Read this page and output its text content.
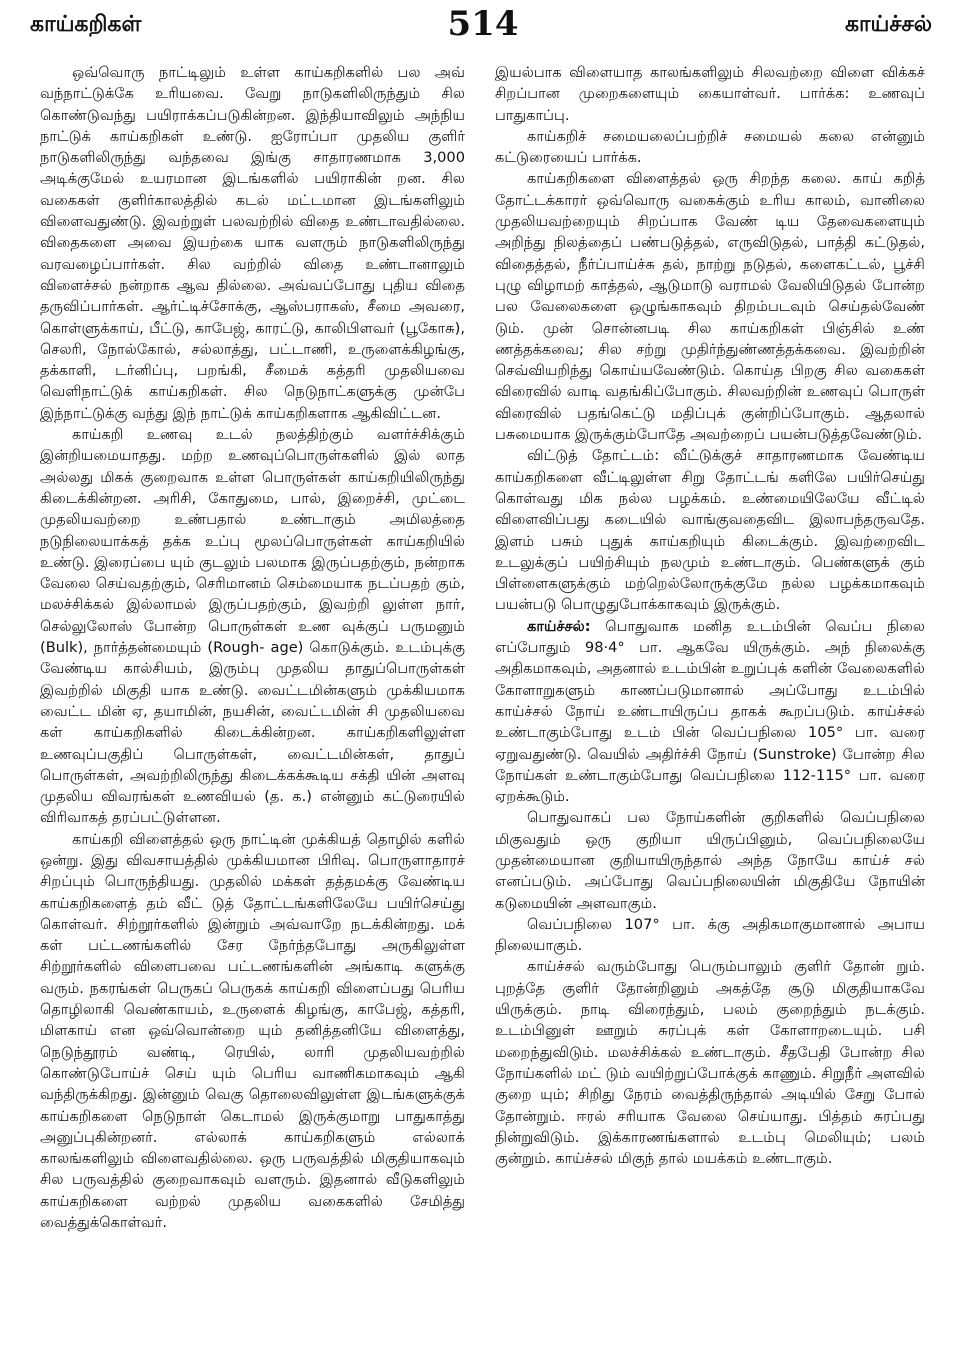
காய்கறிகள்	514	காய்ச்சல்

ஒவ்வொரு நாட்டிலும் உள்ள காய்கறிகளில் பல அவ் வந்நாட்டுக்கே உரியவை. வேறு நாடுகளிலிருந்தும் சில கொண்டுவந்து பயிராக்கப்படுகின்றன. இந்தியாவிலும் அந்நிய நாட்டுக் காய்கறிகள் உண்டு. ஐரோப்பா முதலிய குளிர் நாடுகளிலிருந்து வந்தவை இங்கு சாதாரணமாக 3,000 அடிக்குமேல் உயரமான இடங்களில் பயிராகின் றன. சில வகைகள் குளிர்காலத்தில் கடல் மட்டமான இடங்களிலும் விளைவதுண்டு. இவற்றுள் பலவற்றில் விதை உண்டாவதில்லை. விதைகளை அவை இயற்கை யாக வளரும் நாடுகளிலிருந்து வரவழைப்பார்கள். சில வற்றில் விதை உண்டானாலும் விளைச்சல் நன்றாக ஆவ தில்லை. அவ்வப்போது புதிய விதை தருவிப்பார்கள். ஆர்ட்டிச்சோக்கு, ஆஸ்பராகஸ், சீமை அவரை, கொள்ளுக்காய், பீட்டு, காபேஜ், காரட்டு, காலிபிளவர் (பூகோசு), செலரி, நோல்கோல், சல்லாத்து, பட்டாணி, உருளைக்கிழங்கு, தக்காளி, டர்னிப்பு, பறங்கி, சீமைக் கத்தரி முதலியவை வெளிநாட்டுக் காய்கறிகள். சில நெடுநாட்களுக்கு முன்பே இந்நாட்டுக்கு வந்து இந் நாட்டுக் காய்கறிகளாக ஆகிவிட்டன.

காய்கறி உணவு உடல் நலத்திற்கும் வளர்ச்சிக்கும் இன்றியமையாதது. மற்ற உணவுப்பொருள்களில் இல் லாத அல்லது மிகக் குறைவாக உள்ள பொருள்கள் காய்கறியிலிருந்து கிடைக்கின்றன. அரிசி, கோதுமை, பால், இறைச்சி, முட்டை முதலியவற்றை உண்பதால் உண்டாகும் அமிலத்தை நடுநிலையாக்கத் தக்க உப்பு மூலப்பொருள்கள் காய்கறியில் உண்டு. இரைப்பை யும் குடலும் பலமாக இருப்பதற்கும், நன்றாக வேலை செய்வதற்கும், செரிமானம் செம்மையாக நடப்பதற் கும், மலச்சிக்கல் இல்லாமல் இருப்பதற்கும், இவற்றி லுள்ள நார், செல்லுலோஸ் போன்ற பொருள்கள் உண வுக்குப் பருமனும் (Bulk), நார்த்தன்மையும் (Rough- age) கொடுக்கும். உடம்புக்கு வேண்டிய கால்சியம், இரும்பு முதலிய தாதுப்பொருள்கள் இவற்றில் மிகுதி யாக உண்டு. வைட்டமின்களும் முக்கியமாக வைட்ட மின் ஏ, தயாமின், நயசின், வைட்டமின் சி முதலியவை கள் காய்கறிகளில் கிடைக்கின்றன. காய்கறிகளிலுள்ள உணவுப்பகுதிப் பொருள்கள், வைட்டமின்கள், தாதுப் பொருள்கள், அவற்றிலிருந்து கிடைக்கக்கூடிய சக்தி யின் அளவு முதலிய விவரங்கள் உணவியல் (த. க.) என்னும் கட்டுரையில் விரிவாகத் தரப்பட்டுள்ளன.

காய்கறி விளைத்தல் ஒரு நாட்டின் முக்கியத் தொழில் களில் ஒன்று. இது விவசாயத்தில் முக்கியமான பிரிவு. பொருளாதாரச் சிறப்பும் பொருந்தியது. முதலில் மக்கள் தத்தமக்கு வேண்டிய காய்கறிகளைத் தம் வீட் டுத் தோட்டங்களிலேயே பயிர்செய்து கொள்வர். சிற்றூர்களில் இன்றும் அவ்வாறே நடக்கின்றது. மக் கள் பட்டணங்களில் சேர நேர்ந்தபோது அருகிலுள்ள சிற்றூர்களில் விளைபவை பட்டணங்களின் அங்காடி களுக்கு வரும். நகரங்கள் பெருகப் பெருகக் காய்கறி விளைப்பது பெரிய தொழிலாகி வெண்காயம், உருளைக் கிழங்கு, காபேஜ், கத்தரி, மிளகாய் என ஒவ்வொன்றை யும் தனித்தனியே விளைத்து, நெடுந்தூரம் வண்டி, ரெயில், லாரி முதலியவற்றில் கொண்டுபோய்ச் செய் யும் பெரிய வாணிகமாகவும் ஆகி வந்திருக்கிறது. இன்னும் வெகு தொலைவிலுள்ள இடங்களுக்குக் காய்கறிகளை நெடுநாள் கெடாமல் இருக்குமாறு பாதுகாத்து அனுப்புகின்றனர். எல்லாக் காய்கறிகளும் எல்லாக் காலங்களிலும் விளைவதில்லை. ஒரு பருவத்தில் மிகுதியாகவும் சில பருவத்தில் குறைவாகவும் வளரும். இதனால் வீடுகளிலும் காய்கறிகளை வற்றல் முதலிய வகைகளில் சேமித்து வைத்துக்கொள்வர்.

இயல்பாக விளையாத காலங்களிலும் சிலவற்றை விளை விக்கச் சிறப்பான முறைகளையும் கையாள்வர். பார்க்க: உணவுப் பாதுகாப்பு.

காய்கறிச் சமையலைப்பற்றிச் சமையல் கலை என்னும் கட்டுரையைப் பார்க்க.

காய்கறிகளை விளைத்தல் ஒரு சிறந்த கலை. காய் கறித் தோட்டக்காரர் ஒவ்வொரு வகைக்கும் உரிய காலம், வானிலை முதலியவற்றையும் சிறப்பாக வேண் டிய தேவைகளையும் அறிந்து நிலத்தைப் பண்படுத்தல், எருவிடுதல், பாத்தி கட்டுதல், விதைத்தல், நீர்ப்பாய்ச்சு தல், நாற்று நடுதல், களைகட்டல், பூச்சி புழு விழாமற் காத்தல், ஆடுமாடு வராமல் வேலியிடுதல் போன்ற பல வேலைகளை ஒழுங்காகவும் திறம்படவும் செய்தல்வேண் டும். முன் சொன்னபடி சில காய்கறிகள் பிஞ்சில் உண் ணத்தக்கவை; சில சற்று முதிர்ந்துண்ணத்தக்கவை. இவற்றின் செவ்வியறிந்து கொய்யவேண்டும். கொய்த பிறகு சில வகைகள் விரைவில் வாடி வதங்கிப்போகும். சிலவற்றின் உணவுப் பொருள் விரைவில் பதங்கெட்டு மதிப்புக் குன்றிப்போகும். ஆதலால் பசுமையாக இருக்கும்போதே அவற்றைப் பயன்படுத்தவேண்டும்.

விட்டுத் தோட்டம்: வீட்டுக்குச் சாதாரணமாக வேண்டிய காய்கறிகளை வீட்டிலுள்ள சிறு தோட்டங் களிலே பயிர்செய்து கொள்வது மிக நல்ல பழக்கம். உண்மையிலேயே வீட்டில் விளைவிப்பது கடையில் வாங்குவதைவிட இலாபந்தருவதே. இளம் பசும் புதுக் காய்கறியும் கிடைக்கும். இவற்றைவிட உடலுக்குப் பயிற்சியும் நலமும் உண்டாகும். பெண்களுக் கும் பிள்ளைகளுக்கும் மற்றெல்லோருக்குமே நல்ல பழக்கமாகவும் பயன்படு பொழுதுபோக்காகவும் இருக்கும்.

காய்ச்சல்: பொதுவாக மனித உடம்பின் வெப்ப நிலை எப்போதும் 98·4° பா. ஆகவே யிருக்கும். அந் நிலைக்கு அதிகமாகவும், அதனால் உடம்பின் உறுப்புக் களின் வேலைகளில் கோளாறுகளும் காணப்படுமானால் அப்போது உடம்பில் காய்ச்சல் நோய் உண்டாயிருப்ப தாகக் கூறப்படும். காய்ச்சல் உண்டாகும்போது உடம் பின் வெப்பநிலை 105° பா. வரை ஏறுவதுண்டு. வெயில் அதிர்ச்சி நோய் (Sunstroke) போன்ற சில நோய்கள் உண்டாகும்போது வெப்பநிலை 112-115° பா. வரை ஏறக்கூடும்.

பொதுவாகப் பல நோய்களின் குறிகளில் வெப்பநிலை மிகுவதும் ஒரு குறியா யிருப்பினும், வெப்பநிலையே முதன்மையான குறியாயிருந்தால் அந்த நோயே காய்ச் சல் எனப்படும். அப்போது வெப்பநிலையின் மிகுதியே நோயின் கடுமையின் அளவாகும்.

வெப்பநிலை 107° பா. க்கு அதிகமாகுமானால் அபாய நிலையாகும்.

காய்ச்சல் வரும்போது பெரும்பாலும் குளிர் தோன் றும். புறத்தே குளிர் தோன்றினும் அகத்தே சூடு மிகுதியாகவே யிருக்கும். நாடி விரைந்தும், பலம் குறைந்தும் நடக்கும். உடம்பினுள் ஊறும் சுரப்புக் கள் கோளாறடையும். பசி மறைந்துவிடும். மலச்சிக்கல் உண்டாகும். சீதபேதி போன்ற சில நோய்களில் மட் டும் வயிற்றுப்போக்குக் காணும். சிறுநீர் அளவில் குறை யும்; சிறிது நேரம் வைத்திருந்தால் அடியில் சேறு போல் தோன்றும். ஈரல் சரியாக வேலை செய்யாது. பித்தம் சுரப்பது நின்றுவிடும். இக்காரணங்களால் உடம்பு மெலியும்; பலம் குன்றும். காய்ச்சல் மிகுந் தால் மயக்கம் உண்டாகும்.
